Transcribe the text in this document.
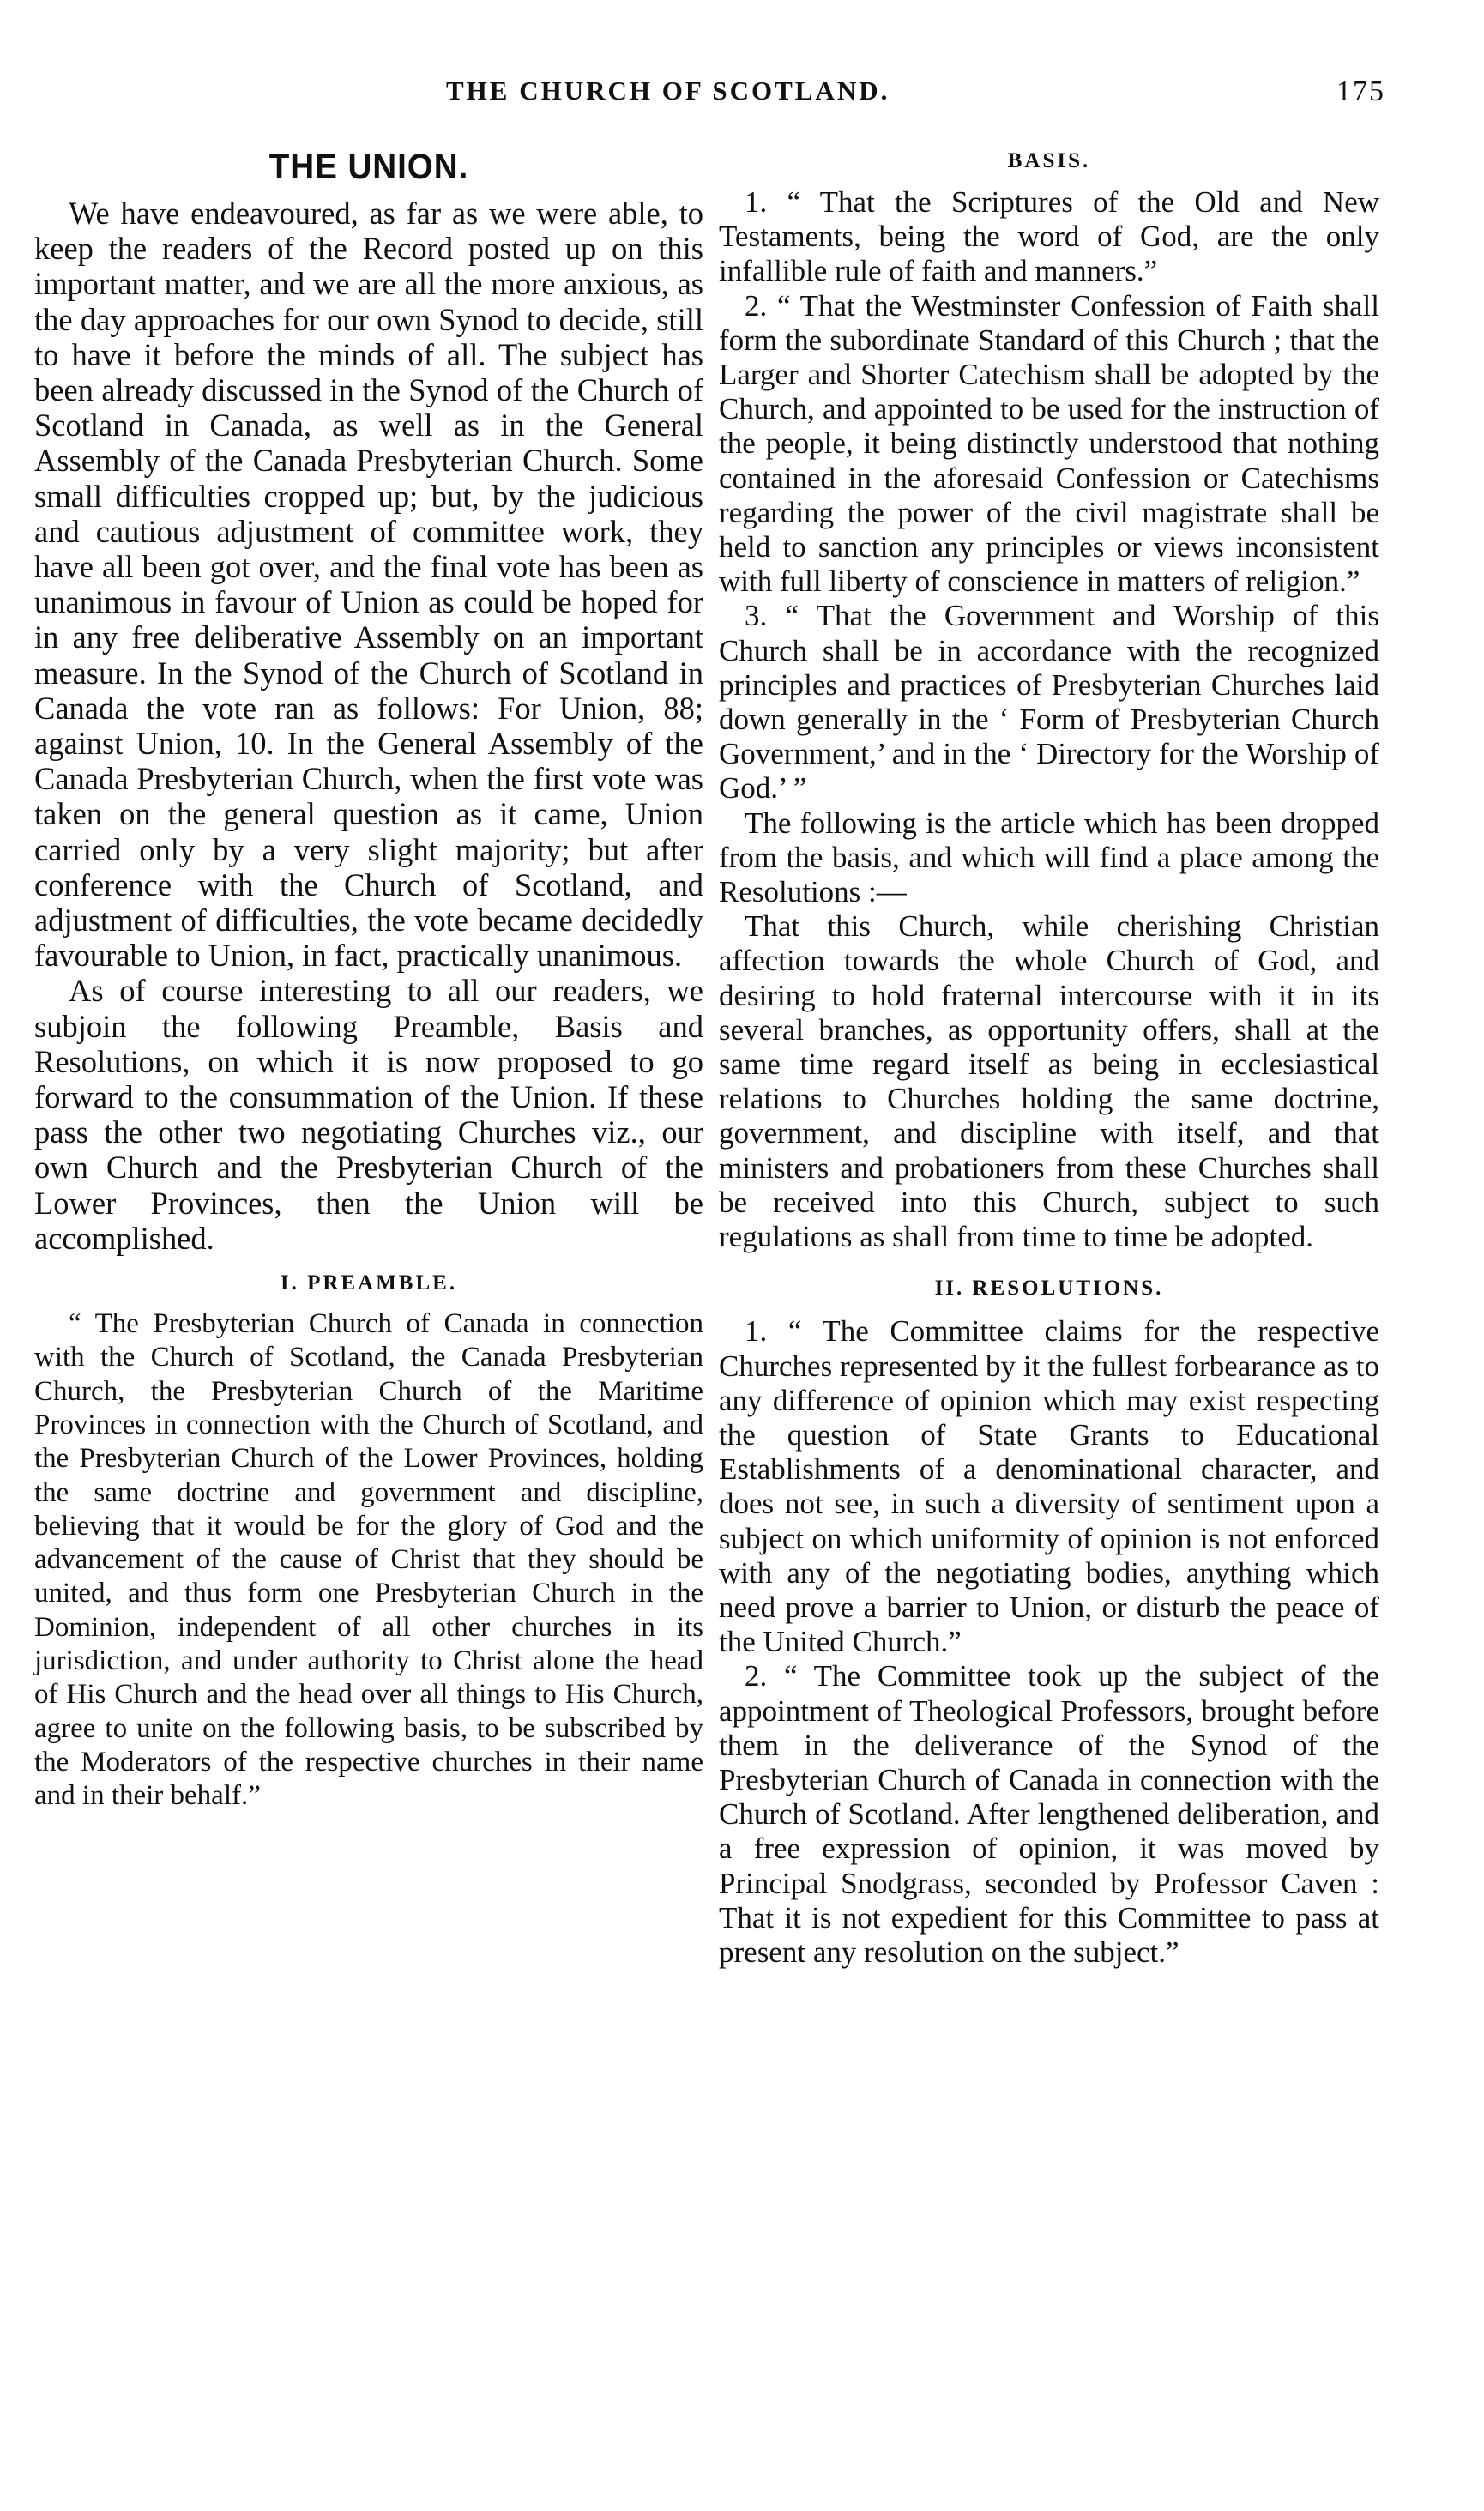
THE CHURCH OF SCOTLAND.	175
THE UNION.

We have endeavoured, as far as we were able, to keep the readers of the Record posted up on this important matter, and we are all the more anxious, as the day approaches for our own Synod to decide, still to have it before the minds of all. The subject has been already discussed in the Synod of the Church of Scotland in Canada, as well as in the General Assembly of the Canada Presbyterian Church. Some small difficulties cropped up; but, by the judicious and cautious adjustment of committee work, they have all been got over, and the final vote has been as unanimous in favour of Union as could be hoped for in any free deliberative Assembly on an important measure. In the Synod of the Church of Scotland in Canada the vote ran as follows: For Union, 88; against Union, 10. In the General Assembly of the Canada Presbyterian Church, when the first vote was taken on the general question as it came, Union carried only by a very slight majority; but after conference with the Church of Scotland, and adjustment of difficulties, the vote became decidedly favourable to Union, in fact, practically unanimous.

As of course interesting to all our readers, we subjoin the following Preamble, Basis and Resolutions, on which it is now proposed to go forward to the consummation of the Union. If these pass the other two negotiating Churches viz., our own Church and the Presbyterian Church of the Lower Provinces, then the Union will be accomplished.

I. PREAMBLE.

“ The Presbyterian Church of Canada in connection with the Church of Scotland, the Canada Presbyterian Church, the Presbyterian Church of the Maritime Provinces in connection with the Church of Scotland, and the Presbyterian Church of the Lower Provinces, holding the same doctrine and government and discipline, believing that it would be for the glory of God and the advancement of the cause of Christ that they should be united, and thus form one Presbyterian Church in the Dominion, independent of all other churches in its jurisdiction, and under authority to Christ alone the head of His Church and the head over all things to His Church, agree to unite on the following basis, to be subscribed by the Moderators of the respective churches in their name and in their behalf.”

BASIS.

1. “ That the Scriptures of the Old and New Testaments, being the word of God, are the only infallible rule of faith and manners.”

2. “ That the Westminster Confession of Faith shall form the subordinate Standard of this Church ; that the Larger and Shorter Catechism shall be adopted by the Church, and appointed to be used for the instruction of the people, it being distinctly understood that nothing contained in the aforesaid Confession or Catechisms regarding the power of the civil magistrate shall be held to sanction any principles or views inconsistent with full liberty of conscience in matters of religion.”

3. “ That the Government and Worship of this Church shall be in accordance with the recognized principles and practices of Presbyterian Churches laid down generally in the ‘ Form of Presbyterian Church Government,’ and in the ‘ Directory for the Worship of God.’ ”

The following is the article which has been dropped from the basis, and which will find a place among the Resolutions :—

That this Church, while cherishing Christian affection towards the whole Church of God, and desiring to hold fraternal intercourse with it in its several branches, as opportunity offers, shall at the same time regard itself as being in ecclesiastical relations to Churches holding the same doctrine, government, and discipline with itself, and that ministers and probationers from these Churches shall be received into this Church, subject to such regulations as shall from time to time be adopted.

II. RESOLUTIONS.

1. “ The Committee claims for the respective Churches represented by it the fullest forbearance as to any difference of opinion which may exist respecting the question of State Grants to Educational Establishments of a denominational character, and does not see, in such a diversity of sentiment upon a subject on which uniformity of opinion is not enforced with any of the negotiating bodies, anything which need prove a barrier to Union, or disturb the peace of the United Church.”

2. “ The Committee took up the subject of the appointment of Theological Professors, brought before them in the deliverance of the Synod of the Presbyterian Church of Canada in connection with the Church of Scotland. After lengthened deliberation, and a free expression of opinion, it was moved by Principal Snodgrass, seconded by Professor Caven : That it is not expedient for this Committee to pass at present any resolution on the subject.”
